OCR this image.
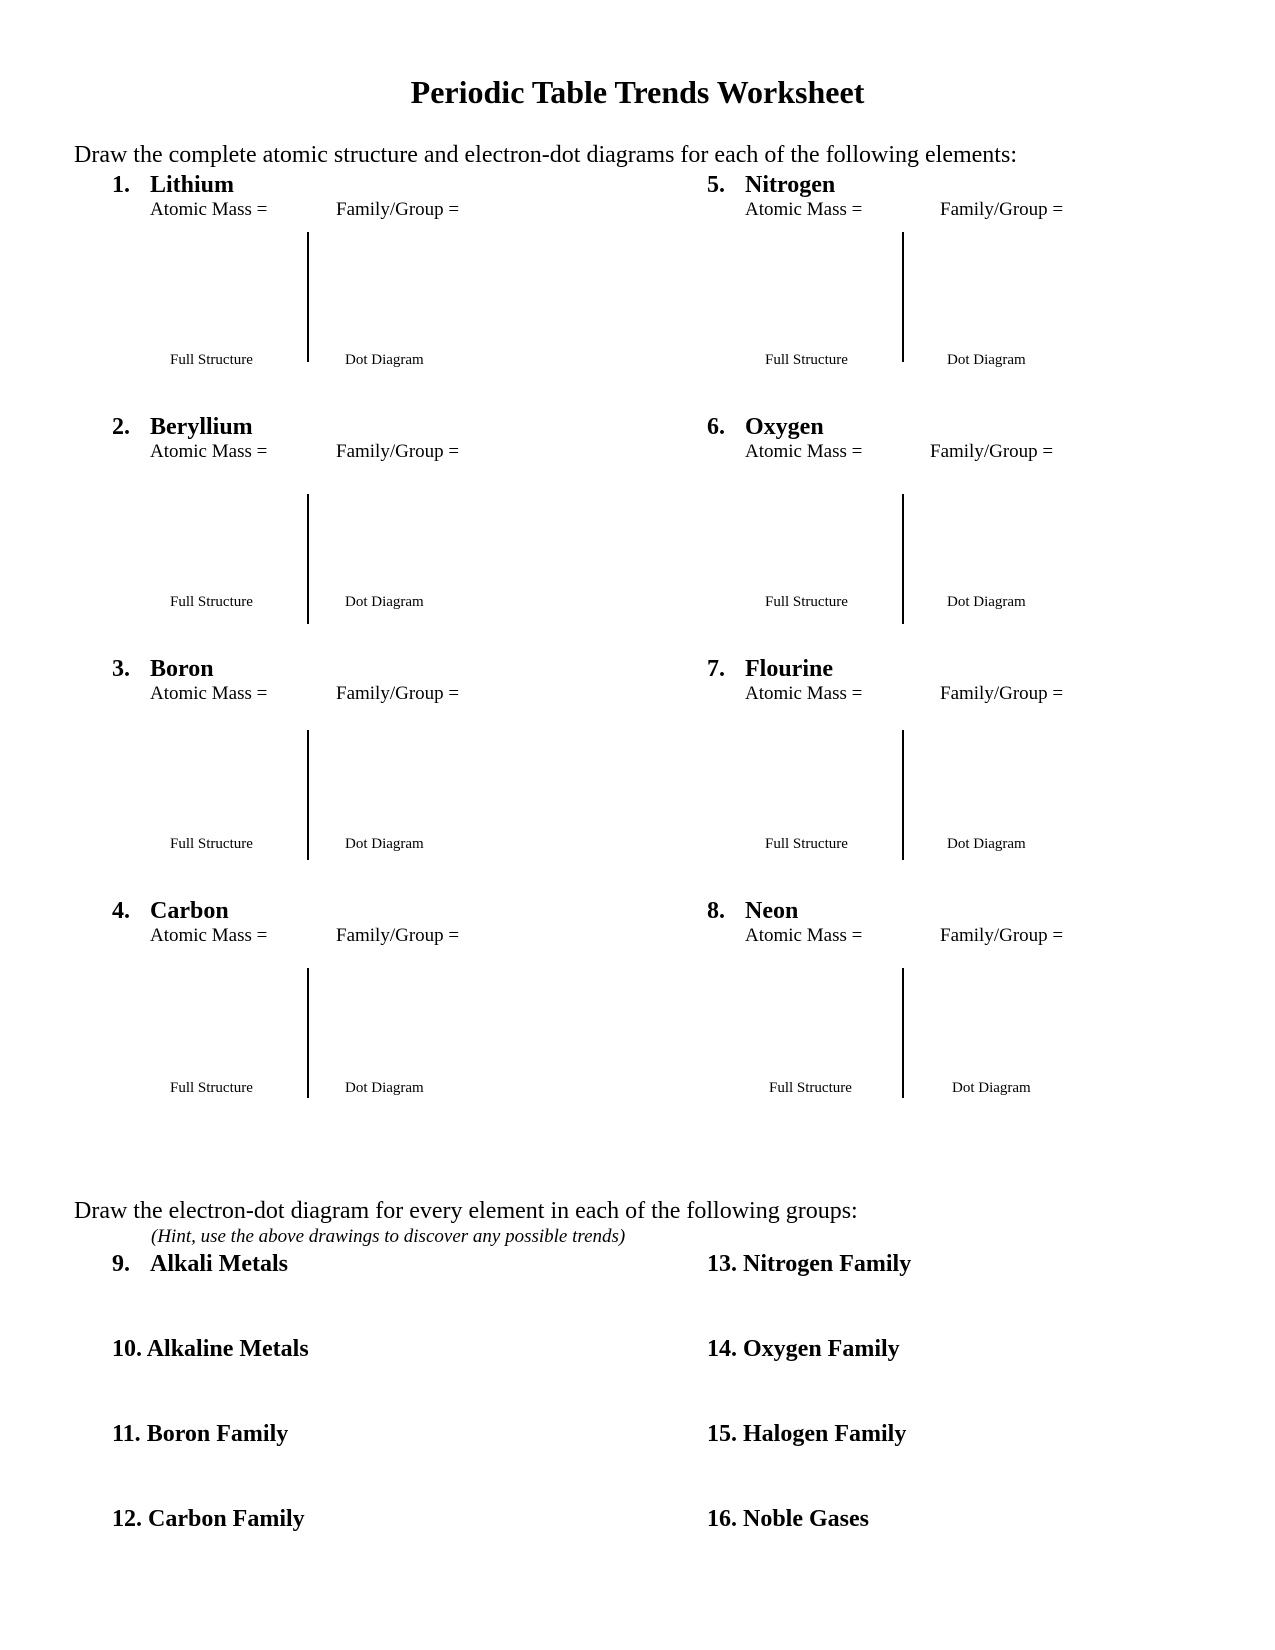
Periodic Table Trends Worksheet
Draw the complete atomic structure and electron-dot diagrams for each of the following elements:
1. Lithium
Atomic Mass =	Family/Group =
Full Structure	Dot Diagram
2. Beryllium
Atomic Mass =	Family/Group =
Full Structure	Dot Diagram
3. Boron
Atomic Mass =	Family/Group =
Full Structure	Dot Diagram
4. Carbon
Atomic Mass =	Family/Group =
Full Structure	Dot Diagram
5. Nitrogen
Atomic Mass =	Family/Group =
Full Structure	Dot Diagram
6. Oxygen
Atomic Mass =	Family/Group =
Full Structure	Dot Diagram
7. Flourine
Atomic Mass =	Family/Group =
Full Structure	Dot Diagram
8. Neon
Atomic Mass =	Family/Group =
Full Structure	Dot Diagram
Draw the electron-dot diagram for every element in each of the following groups:
(Hint, use the above drawings to discover any possible trends)
9. Alkali Metals
10. Alkaline Metals
11. Boron Family
12. Carbon Family
13. Nitrogen Family
14. Oxygen Family
15. Halogen Family
16. Noble Gases
